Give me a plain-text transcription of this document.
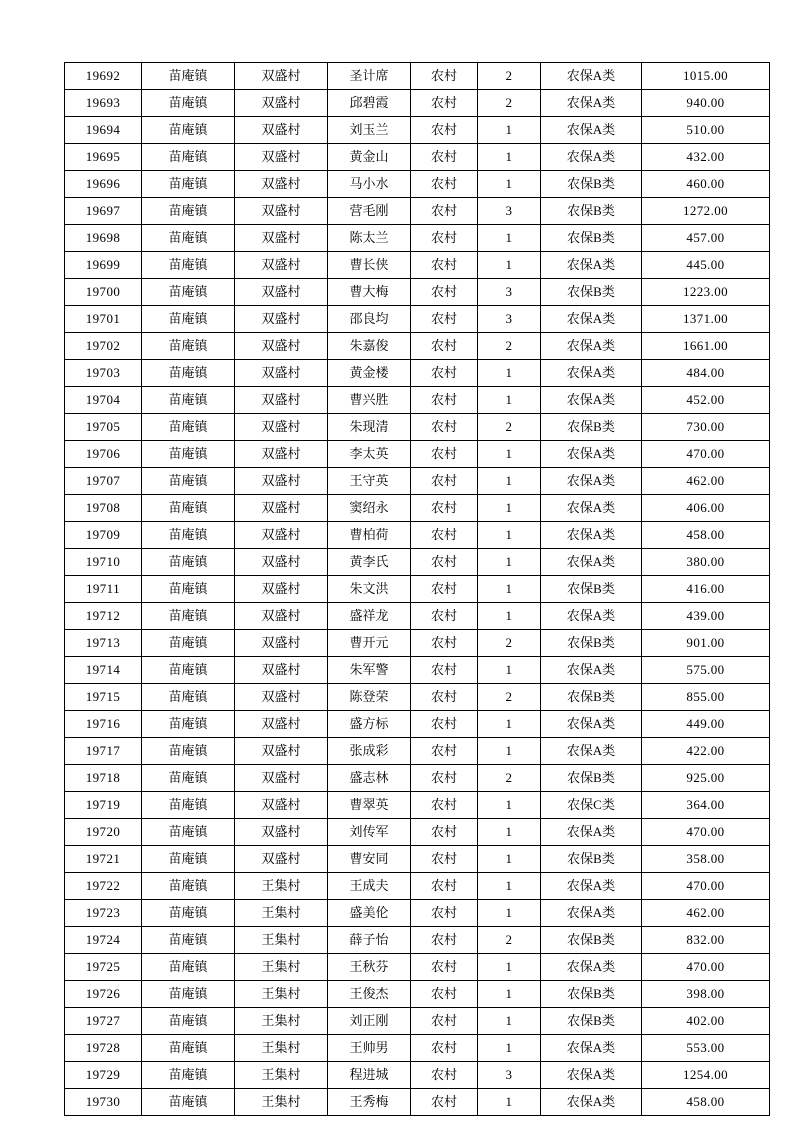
19692	苗庵镇	双盛村	圣计席	农村	2	农保A类	1015.00
19693	苗庵镇	双盛村	邱碧霞	农村	2	农保A类	940.00
19694	苗庵镇	双盛村	刘玉兰	农村	1	农保A类	510.00
19695	苗庵镇	双盛村	黄金山	农村	1	农保A类	432.00
19696	苗庵镇	双盛村	马小水	农村	1	农保B类	460.00
19697	苗庵镇	双盛村	营毛刚	农村	3	农保B类	1272.00
19698	苗庵镇	双盛村	陈太兰	农村	1	农保B类	457.00
19699	苗庵镇	双盛村	曹长侠	农村	1	农保A类	445.00
19700	苗庵镇	双盛村	曹大梅	农村	3	农保B类	1223.00
19701	苗庵镇	双盛村	邵良均	农村	3	农保A类	1371.00
19702	苗庵镇	双盛村	朱嘉俊	农村	2	农保A类	1661.00
19703	苗庵镇	双盛村	黄金楼	农村	1	农保A类	484.00
19704	苗庵镇	双盛村	曹兴胜	农村	1	农保A类	452.00
19705	苗庵镇	双盛村	朱现清	农村	2	农保B类	730.00
19706	苗庵镇	双盛村	李太英	农村	1	农保A类	470.00
19707	苗庵镇	双盛村	王守英	农村	1	农保A类	462.00
19708	苗庵镇	双盛村	窦绍永	农村	1	农保A类	406.00
19709	苗庵镇	双盛村	曹柏荷	农村	1	农保A类	458.00
19710	苗庵镇	双盛村	黄李氏	农村	1	农保A类	380.00
19711	苗庵镇	双盛村	朱文洪	农村	1	农保B类	416.00
19712	苗庵镇	双盛村	盛祥龙	农村	1	农保A类	439.00
19713	苗庵镇	双盛村	曹开元	农村	2	农保B类	901.00
19714	苗庵镇	双盛村	朱军警	农村	1	农保A类	575.00
19715	苗庵镇	双盛村	陈登荣	农村	2	农保B类	855.00
19716	苗庵镇	双盛村	盛方标	农村	1	农保A类	449.00
19717	苗庵镇	双盛村	张成彩	农村	1	农保A类	422.00
19718	苗庵镇	双盛村	盛志林	农村	2	农保B类	925.00
19719	苗庵镇	双盛村	曹翠英	农村	1	农保C类	364.00
19720	苗庵镇	双盛村	刘传军	农村	1	农保A类	470.00
19721	苗庵镇	双盛村	曹安同	农村	1	农保B类	358.00
19722	苗庵镇	王集村	王成夫	农村	1	农保A类	470.00
19723	苗庵镇	王集村	盛美伦	农村	1	农保A类	462.00
19724	苗庵镇	王集村	薛子怡	农村	2	农保B类	832.00
19725	苗庵镇	王集村	王秋芬	农村	1	农保A类	470.00
19726	苗庵镇	王集村	王俊杰	农村	1	农保B类	398.00
19727	苗庵镇	王集村	刘正刚	农村	1	农保B类	402.00
19728	苗庵镇	王集村	王帅男	农村	1	农保A类	553.00
19729	苗庵镇	王集村	程进城	农村	3	农保A类	1254.00
19730	苗庵镇	王集村	王秀梅	农村	1	农保A类	458.00
